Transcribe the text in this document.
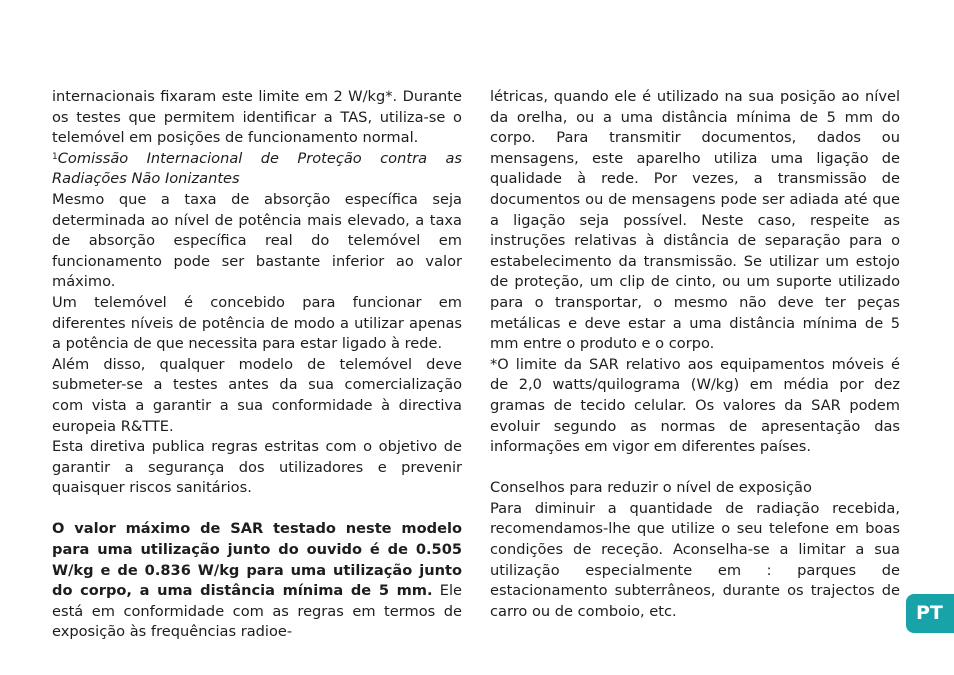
internacionais fixaram este limite em 2 W/kg*. Durante os testes que permitem identificar a TAS, utiliza-se o telemóvel em posições de funcionamento normal.

$^1$Comissão Internacional de Proteção contra as Radiações Não Ionizantes

Mesmo que a taxa de absorção específica seja determinada ao nível de potência mais elevado, a taxa de absorção específica real do telemóvel em funcionamento pode ser bastante inferior ao valor máximo.

Um telemóvel é concebido para funcionar em diferentes níveis de potência de modo a utilizar apenas a potência de que necessita para estar ligado à rede.

Além disso, qualquer modelo de telemóvel deve submeter-se a testes antes da sua comercialização com vista a garantir a sua conformidade à directiva europeia R&TTE.

Esta diretiva publica regras estritas com o objetivo de garantir a segurança dos utilizadores e prevenir quaisquer riscos sanitários.

O valor máximo de SAR testado neste modelo para uma utilização junto do ouvido é de 0.505 W/kg e de 0.836 W/kg para uma utilização junto do corpo, a uma distância mínima de 5 mm. Ele está em conformidade com as regras em termos de exposição às frequências radioe-

létricas, quando ele é utilizado na sua posição ao nível da orelha, ou a uma distância mínima de 5 mm do corpo. Para transmitir documentos, dados ou mensagens, este aparelho utiliza uma ligação de qualidade à rede. Por vezes, a transmissão de documentos ou de mensagens pode ser adiada até que a ligação seja possível. Neste caso, respeite as instruções relativas à distância de separação para o estabelecimento da transmissão. Se utilizar um estojo de proteção, um clip de cinto, ou um suporte utilizado para o transportar, o mesmo não deve ter peças metálicas e deve estar a uma distância mínima de 5 mm entre o produto e o corpo.

*O limite da SAR relativo aos equipamentos móveis é de 2,0 watts/quilograma (W/kg) em média por dez gramas de tecido celular. Os valores da SAR podem evoluir segundo as normas de apresentação das informações em vigor em diferentes países.

Conselhos para reduzir o nível de exposição

Para diminuir a quantidade de radiação recebida, recomendamos-lhe que utilize o seu telefone em boas condições de receção. Aconselha-se a limitar a sua utilização especialmente em : parques de estacionamento subterrâneos, durante os trajectos de carro ou de comboio, etc.	PT
